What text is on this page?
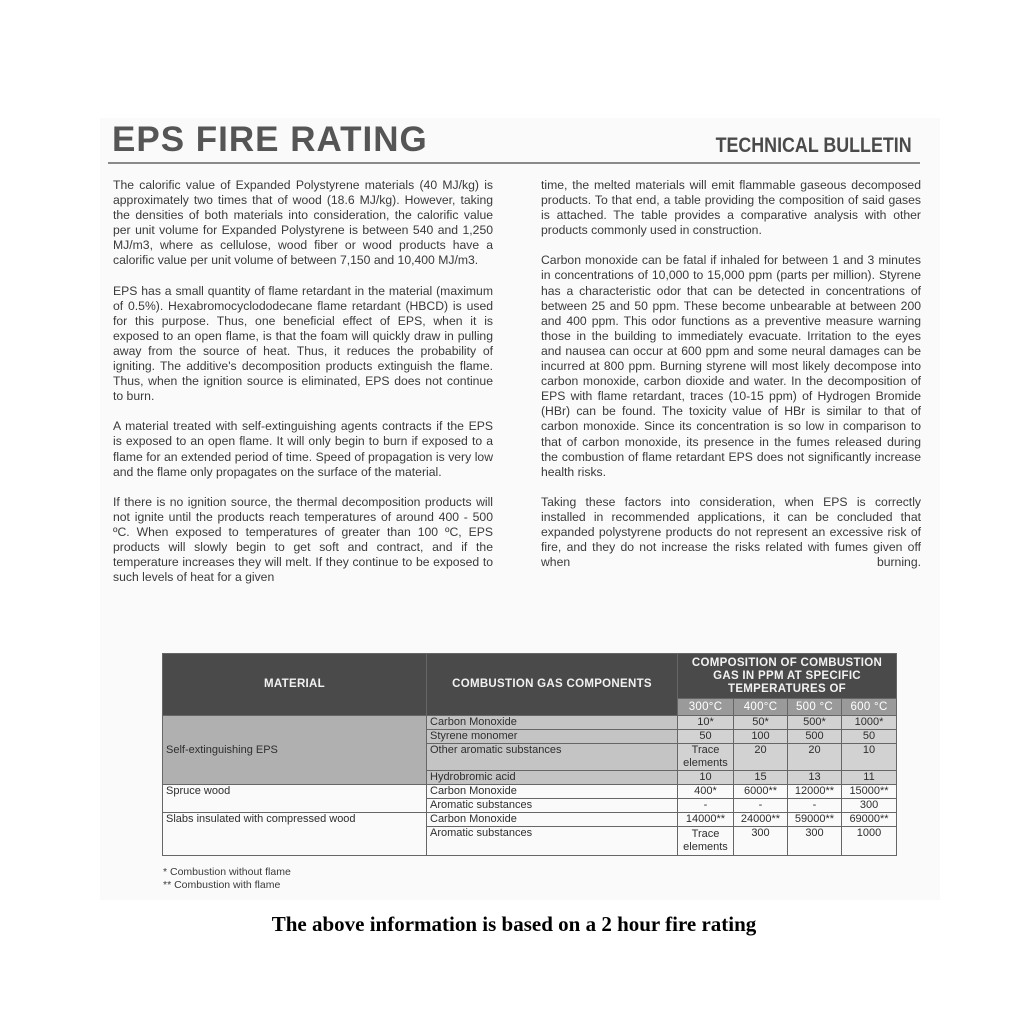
EPS FIRE RATING	TECHNICAL BULLETIN

The calorific value of Expanded Polystyrene materials (40 MJ/kg) is approximately two times that of wood (18.6 MJ/kg). However, taking the densities of both materials into consideration, the calorific value per unit volume for Expanded Polystyrene is between 540 and 1,250 MJ/m3, where as cellulose, wood fiber or wood products have a calorific value per unit volume of between 7,150 and 10,400 MJ/m3.

EPS has a small quantity of flame retardant in the material (maximum of 0.5%). Hexabromocyclododecane flame retardant (HBCD) is used for this purpose. Thus, one beneficial effect of EPS, when it is exposed to an open flame, is that the foam will quickly draw in pulling away from the source of heat. Thus, it reduces the probability of igniting. The additive's decomposition products extinguish the flame. Thus, when the ignition source is eliminated, EPS does not continue to burn.

A material treated with self-extinguishing agents contracts if the EPS is exposed to an open flame. It will only begin to burn if exposed to a flame for an extended period of time. Speed of propagation is very low and the flame only propagates on the surface of the material.

If there is no ignition source, the thermal decomposition products will not ignite until the products reach temperatures of around 400 - 500 ºC. When exposed to temperatures of greater than 100 ºC, EPS products will slowly begin to get soft and contract, and if the temperature increases they will melt. If they continue to be exposed to such levels of heat for a given

time, the melted materials will emit flammable gaseous decomposed products. To that end, a table providing the composition of said gases is attached. The table provides a comparative analysis with other products commonly used in construction.

Carbon monoxide can be fatal if inhaled for between 1 and 3 minutes in concentrations of 10,000 to 15,000 ppm (parts per million). Styrene has a characteristic odor that can be detected in concentrations of between 25 and 50 ppm. These become unbearable at between 200 and 400 ppm. This odor functions as a preventive measure warning those in the building to immediately evacuate. Irritation to the eyes and nausea can occur at 600 ppm and some neural damages can be incurred at 800 ppm. Burning styrene will most likely decompose into carbon monoxide, carbon dioxide and water. In the decomposition of EPS with flame retardant, traces (10-15 ppm) of Hydrogen Bromide (HBr) can be found. The toxicity value of HBr is similar to that of carbon monoxide. Since its concentration is so low in comparison to that of carbon monoxide, its presence in the fumes released during the combustion of flame retardant EPS does not significantly increase health risks.

Taking these factors into consideration, when EPS is correctly installed in recommended applications, it can be concluded that expanded polystyrene products do not represent an excessive risk of fire, and they do not increase the risks related with fumes given off when burning.

MATERIAL	COMBUSTION GAS COMPONENTS	COMPOSITION OF COMBUSTION GAS IN PPM AT SPECIFIC TEMPERATURES OF			
		300°C	400°C	500 °C	600 °C
Self-extinguishing EPS	Carbon Monoxide	10*	50*	500*	1000*
	Styrene monomer	50	100	500	50
	Other aromatic substances	Trace elements	20	20	10
	Hydrobromic acid	10	15	13	11
Spruce wood	Carbon Monoxide	400*	6000**	12000**	15000**
	Aromatic substances	-	-	-	300
Slabs insulated with compressed wood	Carbon Monoxide	14000**	24000**	59000**	69000**
	Aromatic substances	Trace elements	300	300	1000
* Combustion without flame
** Combustion with flame

The above information is based on a 2 hour fire rating
